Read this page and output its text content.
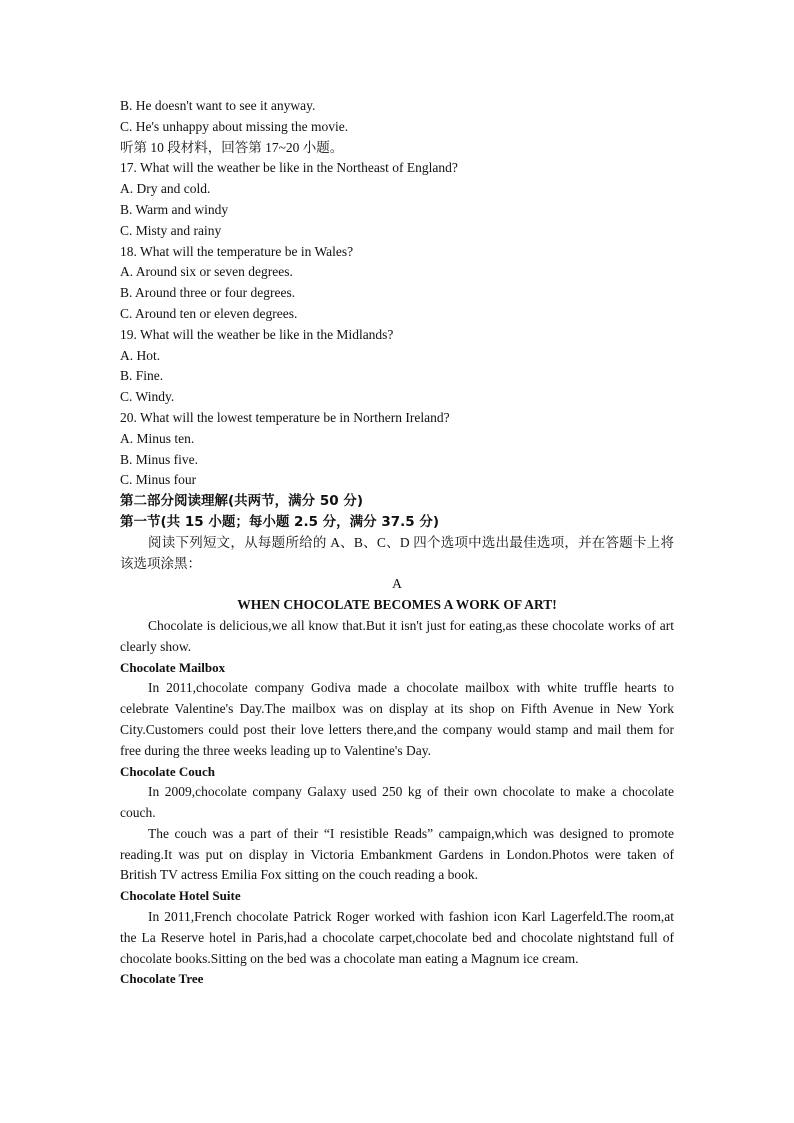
B. He doesn't want to see it anyway.
C. He's unhappy about missing the movie.
听第 10 段材料，回答第 17~20 小题。
17. What will the weather be like in the Northeast of England?
A. Dry and cold.
B. Warm and windy
C. Misty and rainy
18. What will the temperature be in Wales?
A. Around six or seven degrees.
B. Around three or four degrees.
C. Around ten or eleven degrees.
19. What will the weather be like in the Midlands?
A. Hot.
B. Fine.
C. Windy.
20. What will the lowest temperature be in Northern Ireland?
A. Minus ten.
B. Minus five.
C. Minus four
第二部分阅读理解(共两节，满分 50 分)
第一节(共 15 小题；每小题 2.5 分，满分 37.5 分)

阅读下列短文，从每题所给的 A、B、C、D 四个选项中选出最佳选项，并在答题卡上将该选项涂黑：

A
WHEN CHOCOLATE BECOMES A WORK OF ART!

Chocolate is delicious,we all know that.But it isn't just for eating,as these chocolate works of art clearly show.

Chocolate Mailbox

In 2011,chocolate company Godiva made a chocolate mailbox with white truffle hearts to celebrate Valentine's Day.The mailbox was on display at its shop on Fifth Avenue in New York City.Customers could post their love letters there,and the company would stamp and mail them for free during the three weeks leading up to Valentine's Day.

Chocolate Couch

In 2009,chocolate company Galaxy used 250 kg of their own chocolate to make a chocolate couch.

The couch was a part of their “I resistible Reads” campaign,which was designed to promote reading.It was put on display in Victoria Embankment Gardens in London.Photos were taken of British TV actress Emilia Fox sitting on the couch reading a book.

Chocolate Hotel Suite

In 2011,French chocolate Patrick Roger worked with fashion icon Karl Lagerfeld.The room,at the La Reserve hotel in Paris,had a chocolate carpet,chocolate bed and chocolate nightstand full of chocolate books.Sitting on the bed was a chocolate man eating a Magnum ice cream.

Chocolate Tree
